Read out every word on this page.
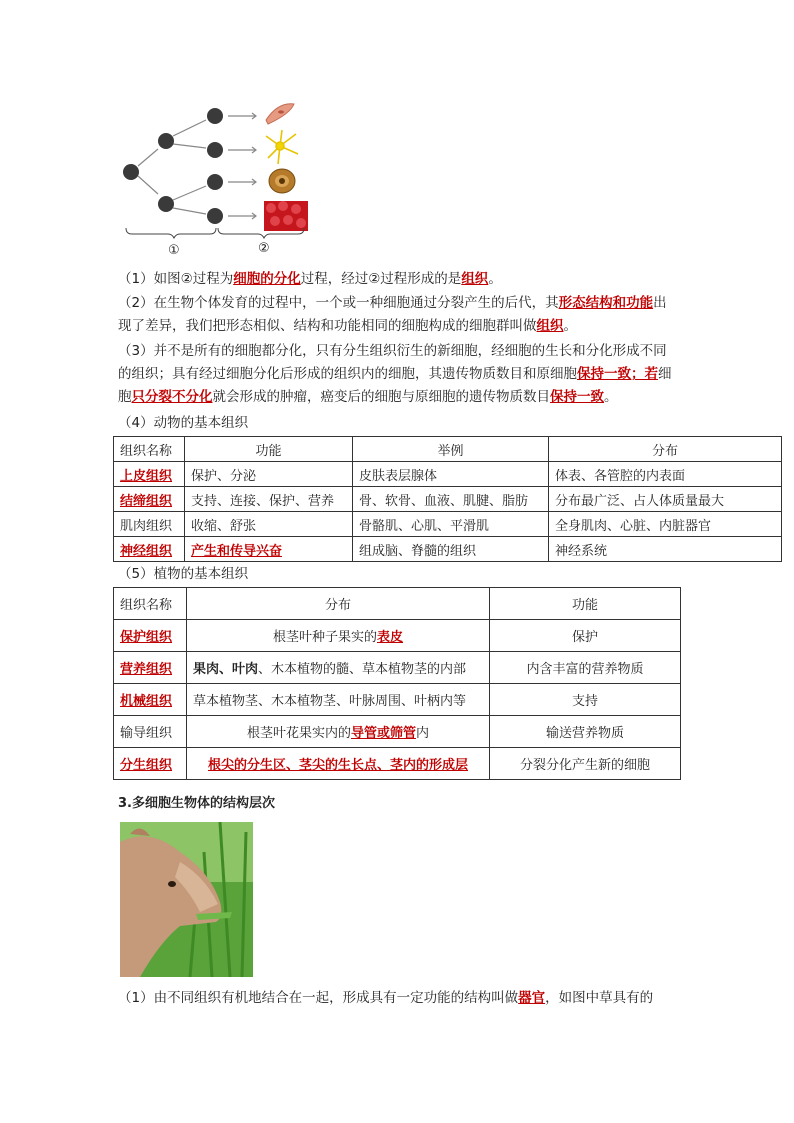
①	②
（1）如图②过程为细胞的分化过程，经过②过程形成的是组织。
（2）在生物个体发育的过程中，一个或一种细胞通过分裂产生的后代，其形态结构和功能出现了差异，我们把形态相似、结构和功能相同的细胞构成的细胞群叫做组织。
（3）并不是所有的细胞都分化，只有分生组织衍生的新细胞，经细胞的生长和分化形成不同的组织；具有经过细胞分化后形成的组织内的细胞，其遗传物质数目和原细胞保持一致；若细胞只分裂不分化就会形成的肿瘤，癌变后的细胞与原细胞的遗传物质数目保持一致。
（4）动物的基本组织
组织名称	功能	举例	分布
上皮组织	保护、分泌	皮肤表层腺体	体表、各管腔的内表面
结缔组织	支持、连接、保护、营养	骨、软骨、血液、肌腱、脂肪	分布最广泛、占人体质量最大
肌肉组织	收缩、舒张	骨骼肌、心肌、平滑肌	全身肌肉、心脏、内脏器官
神经组织	产生和传导兴奋	组成脑、脊髓的组织	神经系统
（5）植物的基本组织
组织名称	分布	功能
保护组织	根茎叶种子果实的表皮	保护
营养组织	果肉、叶肉、木本植物的髓、草本植物茎的内部	内含丰富的营养物质
机械组织	草本植物茎、木本植物茎、叶脉周围、叶柄内等	支持
输导组织	根茎叶花果实内的导管或筛管内	输送营养物质
分生组织	根尖的分生区、茎尖的生长点、茎内的形成层	分裂分化产生新的细胞
3.多细胞生物体的结构层次
（1）由不同组织有机地结合在一起，形成具有一定功能的结构叫做器官，如图中草具有的
